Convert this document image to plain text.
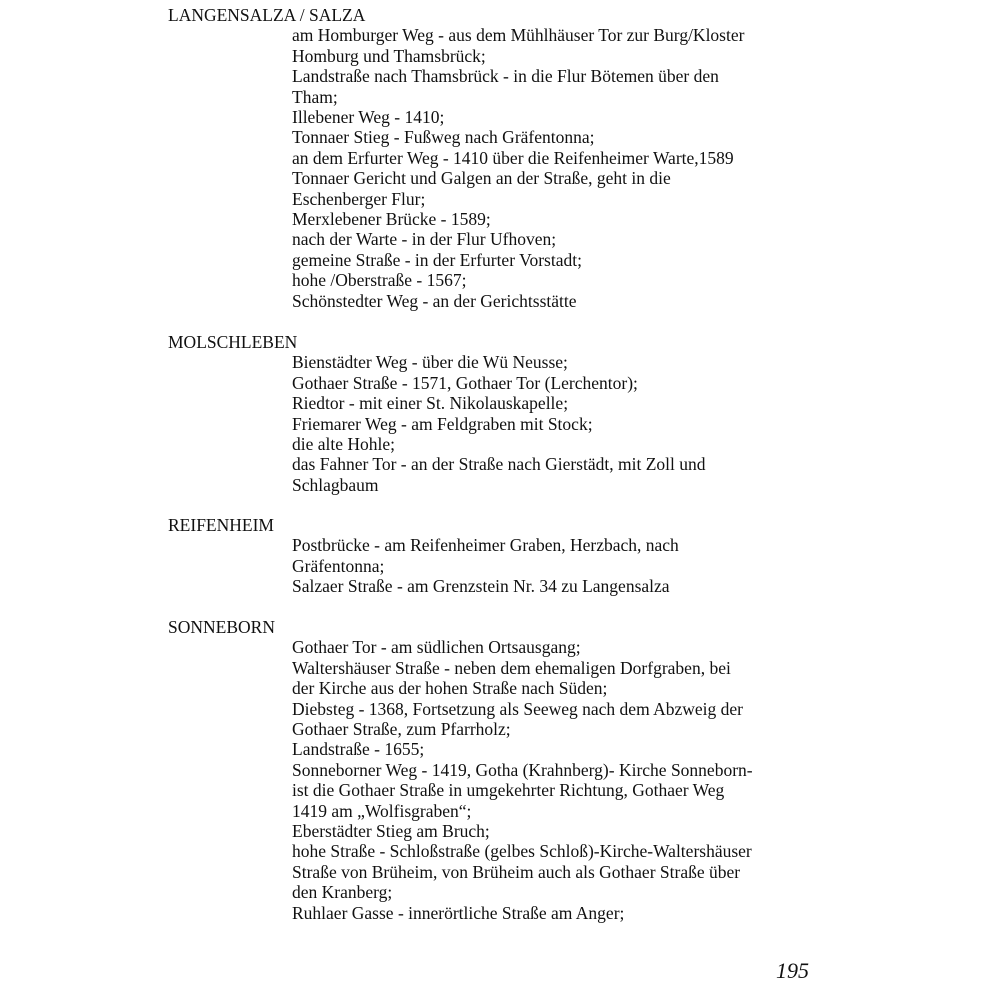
LANGENSALZA / SALZA
am Homburger Weg - aus dem Mühlhäuser Tor zur Burg/Kloster
Homburg und Thamsbrück;
Landstraße nach Thamsbrück - in die Flur Bötemen über den
Tham;
Illebener Weg - 1410;
Tonnaer Stieg - Fußweg nach Gräfentonna;
an dem Erfurter Weg - 1410 über die Reifenheimer Warte,1589
Tonnaer Gericht und Galgen an der Straße, geht in die
Eschenberger Flur;
Merxlebener Brücke - 1589;
nach der Warte - in der Flur Ufhoven;
gemeine Straße - in der Erfurter Vorstadt;
hohe /Oberstraße - 1567;
Schönstedter Weg - an der Gerichtsstätte
MOLSCHLEBEN
Bienstädter Weg - über die Wü Neusse;
Gothaer Straße - 1571, Gothaer Tor (Lerchentor);
Riedtor - mit einer St. Nikolauskapelle;
Friemarer Weg - am Feldgraben mit Stock;
die alte Hohle;
das Fahner Tor - an der Straße nach Gierstädt, mit Zoll und
Schlagbaum
REIFENHEIM
Postbrücke - am Reifenheimer Graben, Herzbach, nach
Gräfentonna;
Salzaer Straße - am Grenzstein Nr. 34 zu Langensalza
SONNEBORN
Gothaer Tor - am südlichen Ortsausgang;
Waltershäuser Straße - neben dem ehemaligen Dorfgraben, bei
der Kirche aus der hohen Straße nach Süden;
Diebsteg - 1368, Fortsetzung als Seeweg nach dem Abzweig der
Gothaer Straße, zum Pfarrholz;
Landstraße - 1655;
Sonneborner Weg - 1419, Gotha (Krahnberg)- Kirche Sonneborn-
ist die Gothaer Straße in umgekehrter Richtung, Gothaer Weg
1419 am „Wolfisgraben“;
Eberstädter Stieg am Bruch;
hohe Straße - Schloßstraße (gelbes Schloß)-Kirche-Waltershäuser
Straße von Brüheim, von Brüheim auch als Gothaer Straße über
den Kranberg;
Ruhlaer Gasse - innerörtliche Straße am Anger;
195
